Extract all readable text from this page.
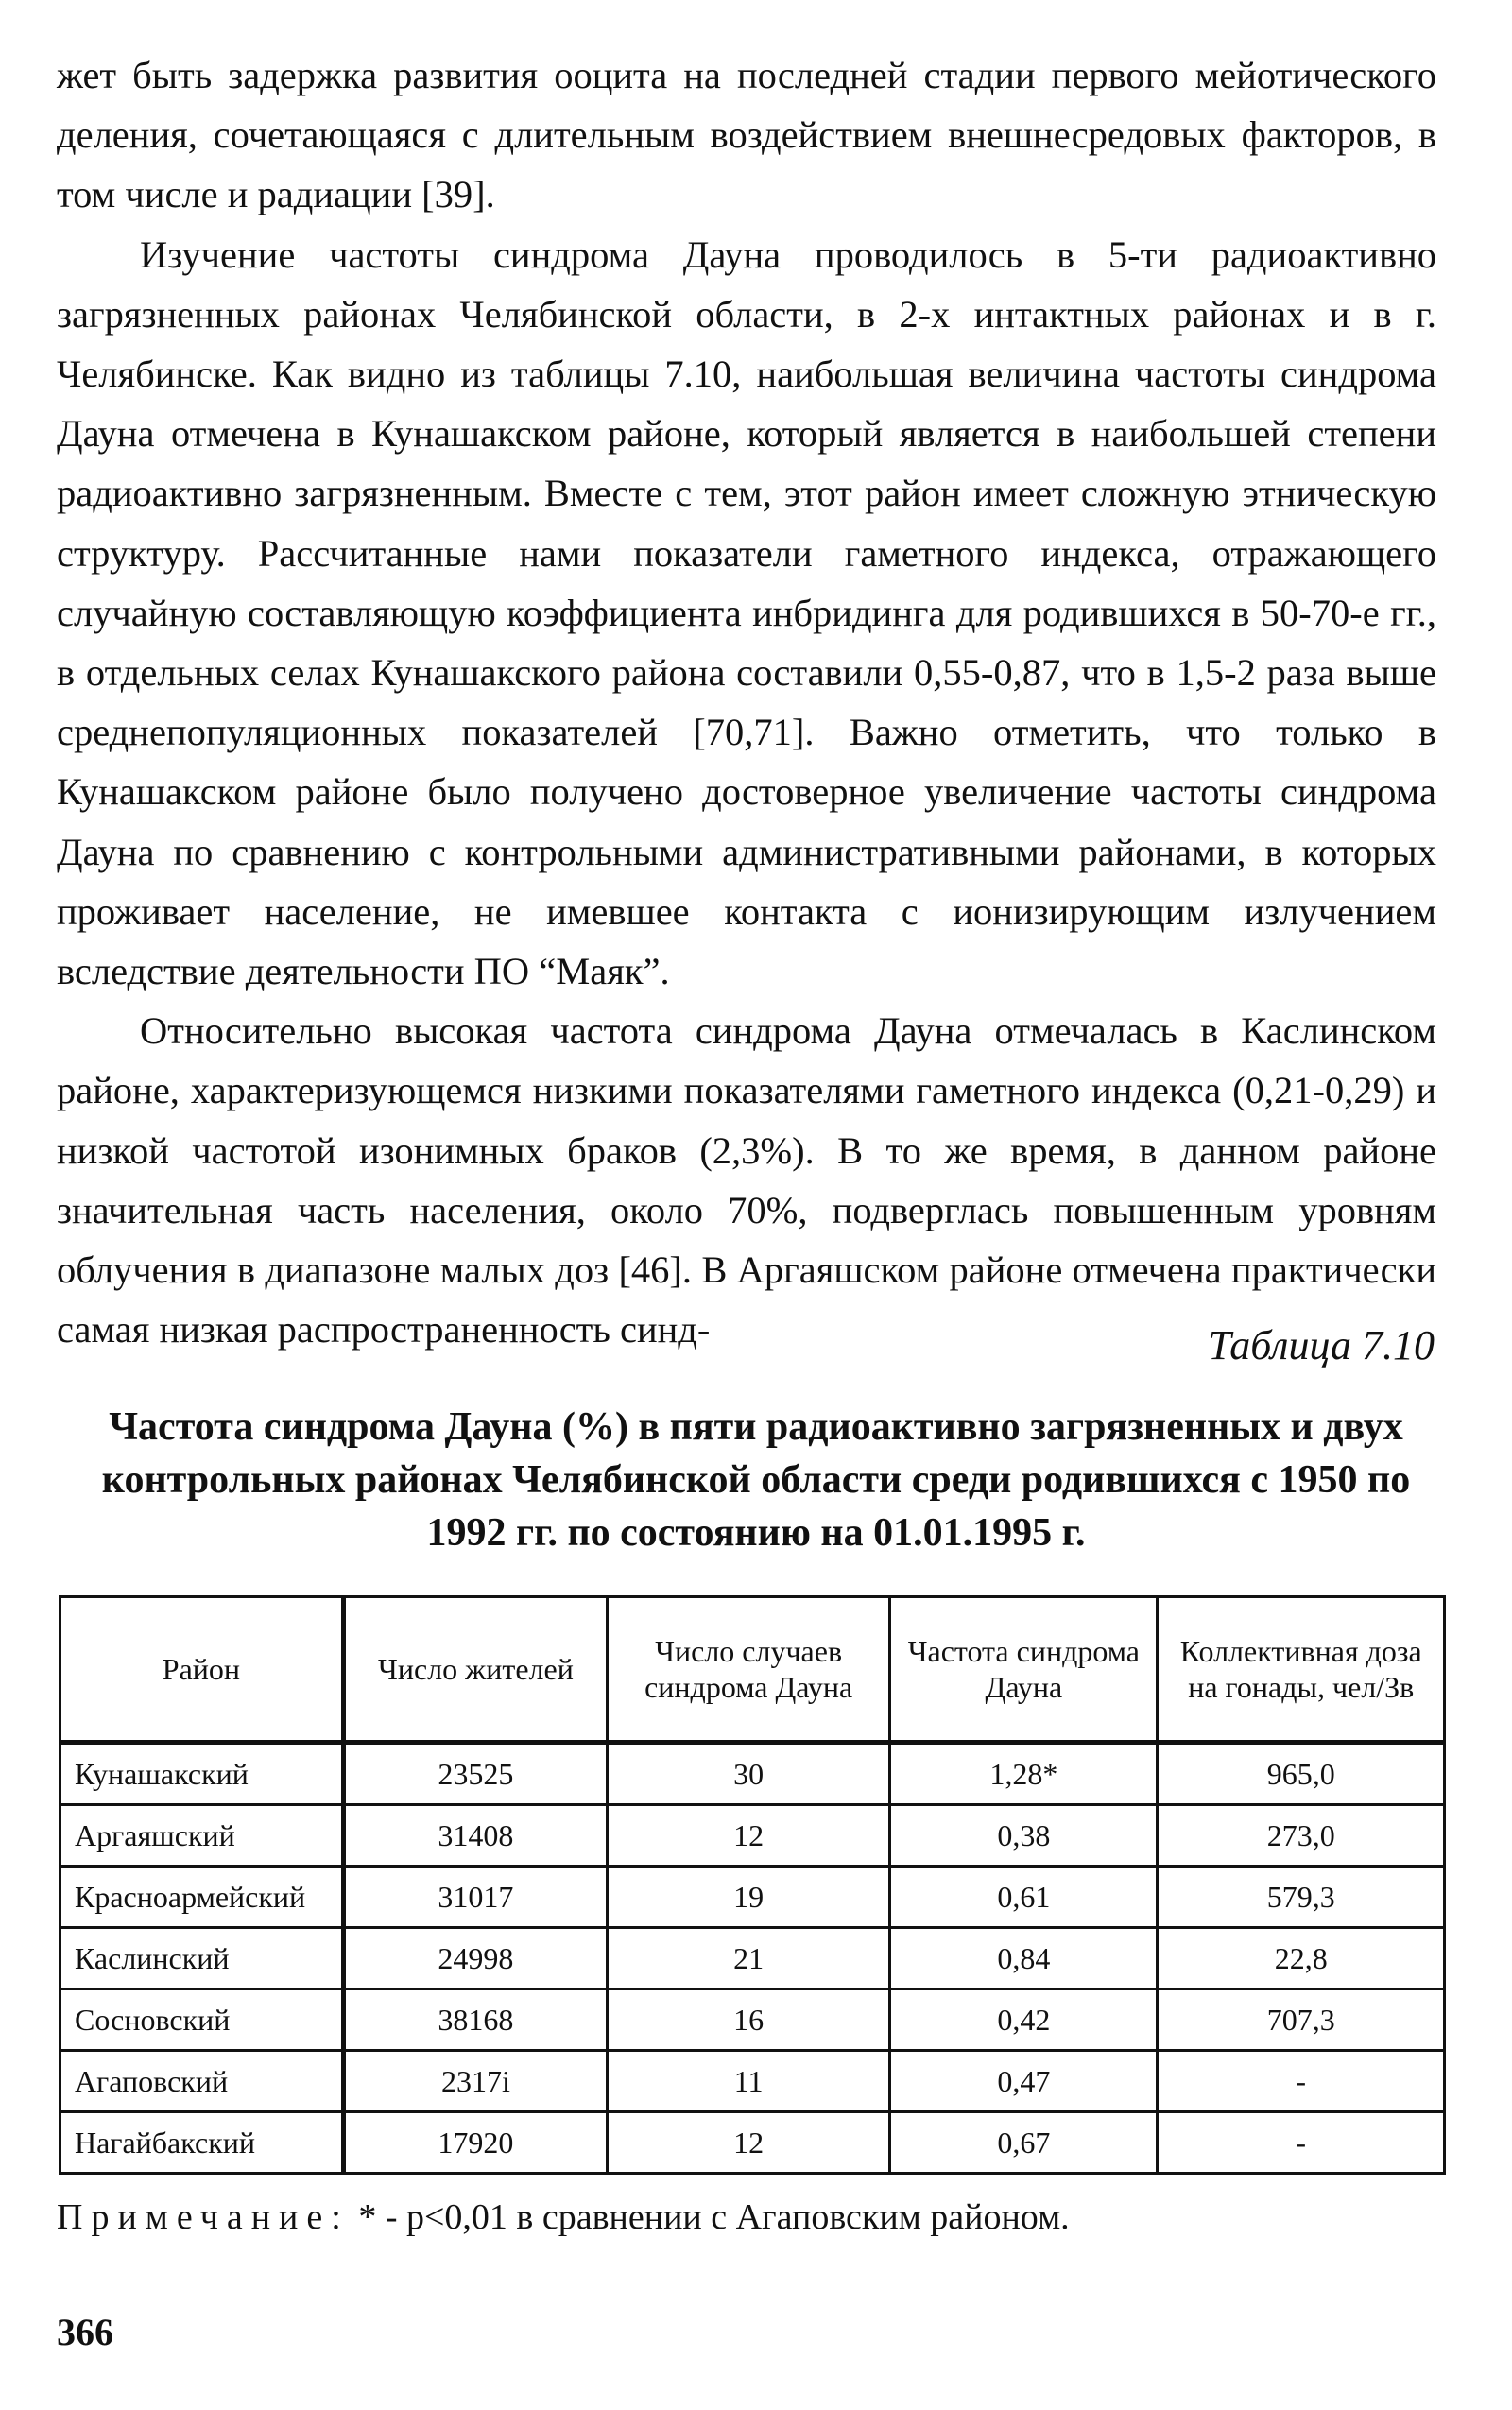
жет быть задержка развития ооцита на последней стадии первого мейотического деления, сочетающаяся с длительным воздействием внешнесредовых факторов, в том числе и радиации [39].

Изучение частоты синдрома Дауна проводилось в 5-ти радиоактивно загрязненных районах Челябинской области, в 2-х интактных районах и в г. Челябинске. Как видно из таблицы 7.10, наибольшая величина частоты синдрома Дауна отмечена в Кунашакском районе, который является в наибольшей степени радиоактивно загрязненным. Вместе с тем, этот район имеет сложную этническую структуру. Рассчитанные нами показатели гаметного индекса, отражающего случайную составляющую коэффициента инбридинга для родившихся в 50-70-е гг., в отдельных селах Кунашакского района составили 0,55-0,87, что в 1,5-2 раза выше среднепопуляционных показателей [70,71]. Важно отметить, что только в Кунашакском районе было получено достоверное увеличение частоты синдрома Дауна по сравнению с контрольными административными районами, в которых проживает население, не имевшее контакта с ионизирующим излучением вследствие деятельности ПО “Маяк”.

Относительно высокая частота синдрома Дауна отмечалась в Каслинском районе, характеризующемся низкими показателями гаметного индекса (0,21-0,29) и низкой частотой изонимных браков (2,3%). В то же время, в данном районе значительная часть населения, около 70%, подверглась повышенным уровням облучения в диапазоне малых доз [46]. В Аргаяшском районе отмечена практически самая низкая распространенность синд-	Таблица 7.10

Частота синдрома Дауна (%) в пяти радиоактивно загрязненных и двух контрольных районах Челябинской области среди родившихся с 1950 по 1992 гг. по состоянию на 01.01.1995 г.

Район	Число жителей	Число случаев синдрома Дауна	Частота синдрома Дауна	Коллективная доза на гонады, чел/Зв
Кунашакский	23525	30	1,28*	965,0
Аргаяшский	31408	12	0,38	273,0
Красноармейский	31017	19	0,61	579,3
Каслинский	24998	21	0,84	22,8
Сосновский	38168	16	0,42	707,3
Агаповский	2317i	11	0,47	-
Нагайбакский	17920	12	0,67	-

Примечание: * - p<0,01 в сравнении с Агаповским районом.

366
